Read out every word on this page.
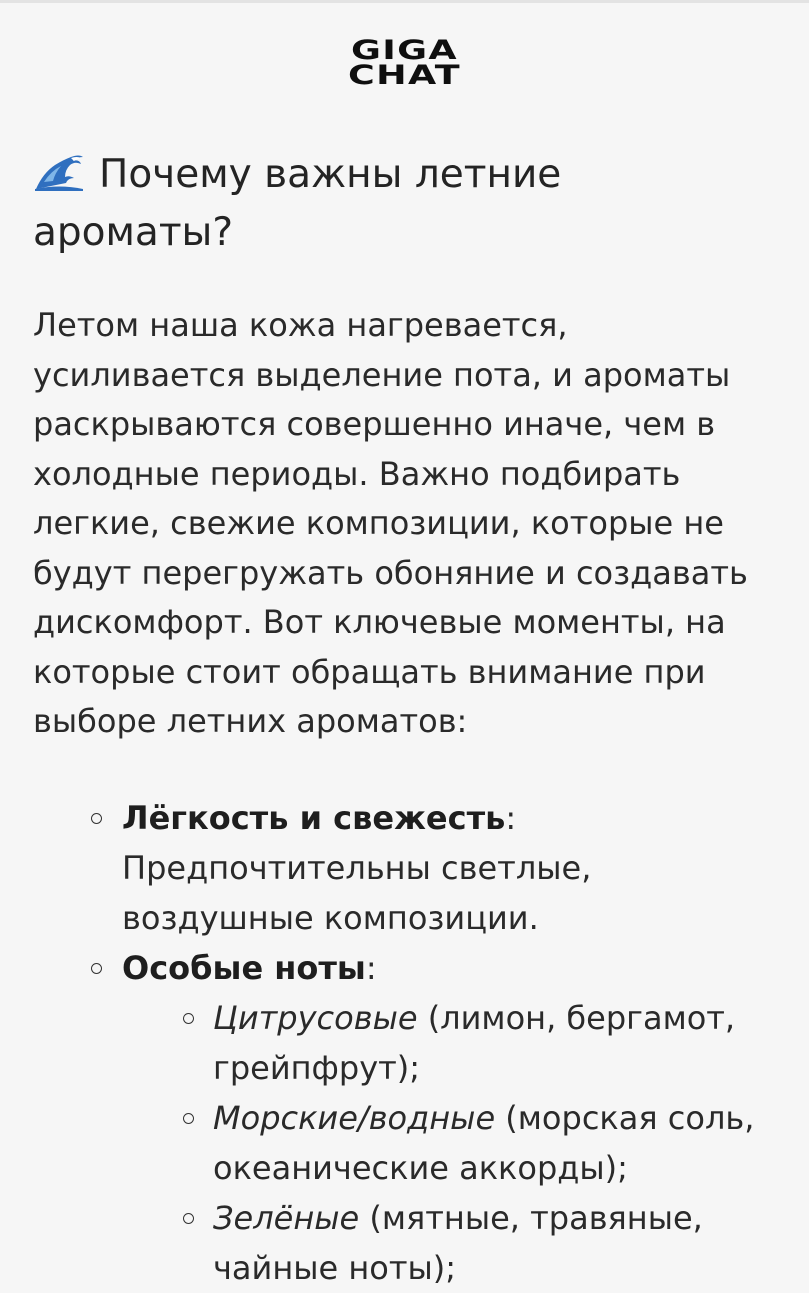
GIGA
CHAT
Почему важны летние ароматы?

Летом наша кожа нагревается, усиливается выделение пота, и ароматы раскрываются совершенно иначе, чем в холодные периоды. Важно подбирать легкие, свежие композиции, которые не будут перегружать обоняние и создавать дискомфорт. Вот ключевые моменты, на которые стоит обращать внимание при выборе летних ароматов:

Лёгкость и свежесть: Предпочтительны светлые, воздушные композиции.
Особые ноты:
Цитрусовые (лимон, бергамот, грейпфрут);
Морские/водные (морская соль, океанические аккорды);
Зелёные (мятные, травяные, чайные ноты);
